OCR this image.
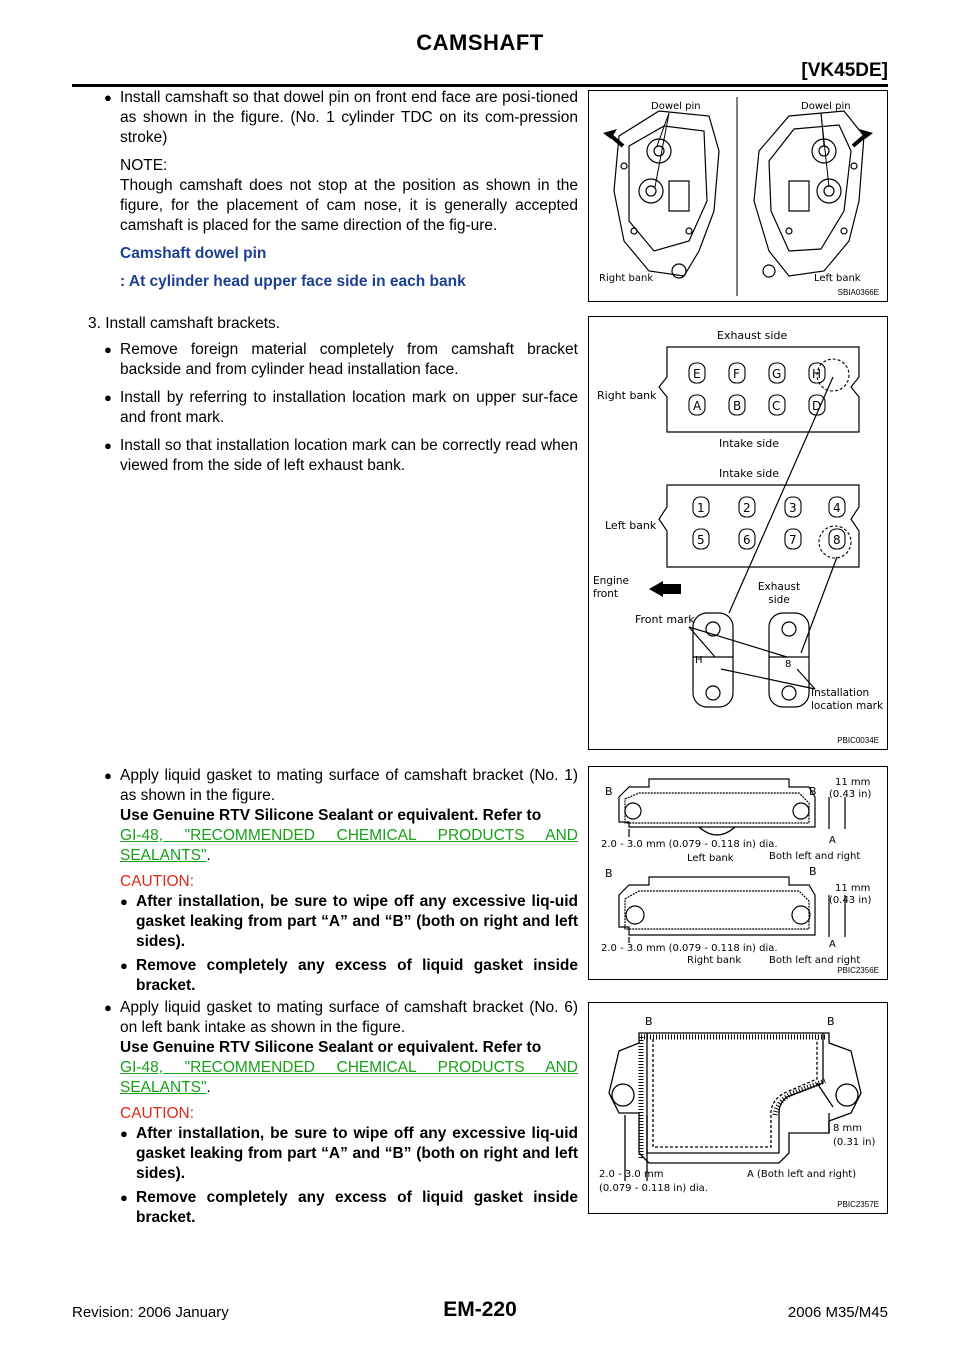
CAMSHAFT
[VK45DE]
● Install camshaft so that dowel pin on front end face are posi-tioned as shown in the figure. (No. 1 cylinder TDC on its com-pression stroke)
NOTE:
Though camshaft does not stop at the position as shown in the figure, for the placement of cam nose, it is generally accepted camshaft is placed for the same direction of the fig-ure.
Camshaft dowel pin
: At cylinder head upper face side in each bank
Dowel pin	Dowel pin
Right bank	Left bank
SBIA0366E
3. Install camshaft brackets.
● Remove foreign material completely from camshaft bracket backside and from cylinder head installation face.
● Install by referring to installation location mark on upper sur-face and front mark.
● Install so that installation location mark can be correctly read when viewed from the side of left exhaust bank.
E	F	G	H
A	B	C	D
1	2	3	4
5	6	7	8
H	8
Exhaust side
Right bank
Intake side
Intake side
Left bank
Engine front
Exhaust side
Front mark
Installation location mark
PBIC0034E
● Apply liquid gasket to mating surface of camshaft bracket (No. 1) as shown in the figure.
Use Genuine RTV Silicone Sealant or equivalent. Refer to
GI-48, "RECOMMENDED CHEMICAL PRODUCTS AND SEALANTS".
CAUTION:
● After installation, be sure to wipe off any excessive liq-uid gasket leaking from part “A” and “B” (both on right and left sides).
● Remove completely any excess of liquid gasket inside bracket.
B	B
11 mm
(0.43 in)
2.0 - 3.0 mm (0.079 - 0.118 in) dia.	A
Left bank	Both left and right
B	B
11 mm
(0.43 in)
2.0 - 3.0 mm (0.079 - 0.118 in) dia.	A
Right bank	Both left and right
PBIC2356E
● Apply liquid gasket to mating surface of camshaft bracket (No. 6) on left bank intake as shown in the figure.
Use Genuine RTV Silicone Sealant or equivalent. Refer to
GI-48, "RECOMMENDED CHEMICAL PRODUCTS AND SEALANTS".
CAUTION:
● After installation, be sure to wipe off any excessive liq-uid gasket leaking from part “A” and “B” (both on right and left sides).
● Remove completely any excess of liquid gasket inside bracket.
B	B
8 mm
(0.31 in)
2.0 - 3.0 mm
(0.079 - 0.118 in) dia.
A (Both left and right)
PBIC2357E
Revision: 2006 January	EM-220	2006 M35/M45
